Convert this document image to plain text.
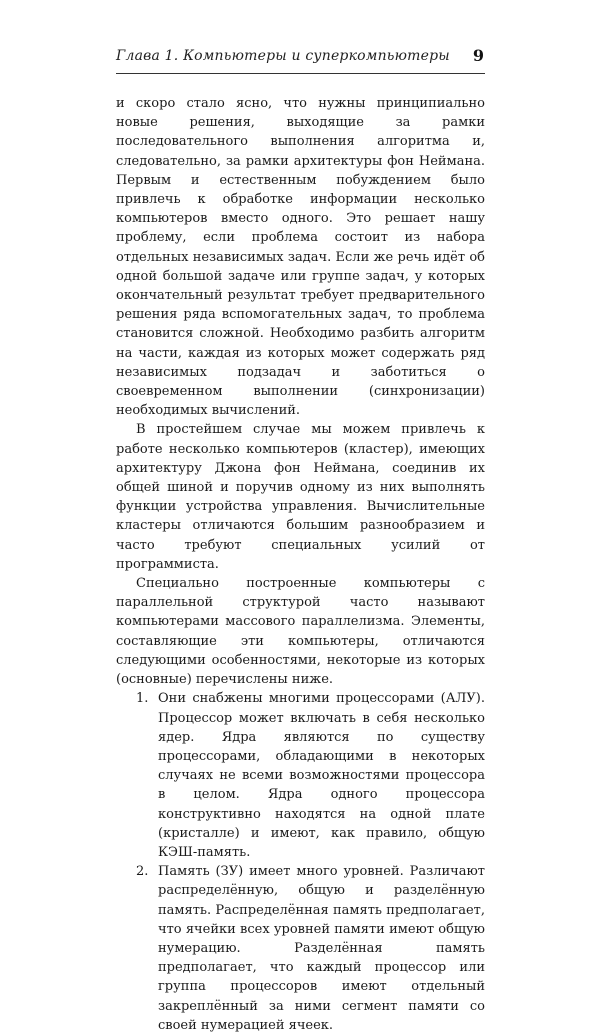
Глава 1. Компьютеры и суперкомпьютеры 9

и скоро стало ясно, что нужны принципиально новые решения, выходящие за рамки последовательного выполнения алгоритма и, следовательно, за рамки архитектуры фон Неймана. Первым и естественным побуждением было привлечь к обработке информации несколько компьютеров вместо одного. Это решает нашу проблему, если проблема состоит из набора отдельных независимых задач. Если же речь идёт об одной большой задаче или группе задач, у которых окончательный результат требует предварительного решения ряда вспомогательных задач, то проблема становится сложной. Необходимо разбить алгоритм на части, каждая из которых может содержать ряд независимых подзадач и заботиться о своевременном выполнении (синхронизации) необходимых вычислений.

В простейшем случае мы можем привлечь к работе несколько компьютеров (кластер), имеющих архитектуру Джона фон Неймана, соединив их общей шиной и поручив одному из них выполнять функции устройства управления. Вычислительные кластеры отличаются большим разнообразием и часто требуют специальных усилий от программиста.

Специально построенные компьютеры с параллельной структурой часто называют компьютерами массового параллелизма. Элементы, составляющие эти компьютеры, отличаются следующими особенностями, некоторые из которых (основные) перечислены ниже.

1. Они снабжены многими процессорами (АЛУ). Процессор может включать в себя несколько ядер. Ядра являются по существу процессорами, обладающими в некоторых случаях не всеми возможностями процессора в целом. Ядра одного процессора конструктивно находятся на одной плате (кристалле) и имеют, как правило, общую КЭШ-память.

2. Память (ЗУ) имеет много уровней. Различают распределённую, общую и разделённую память. Распределённая память предполагает, что ячейки всех уровней памяти имеют общую нумерацию. Разделённая память предполагает, что каждый процессор или группа процессоров имеют отдельный закреплённый за ними сегмент памяти со своей нумерацией ячеек.
